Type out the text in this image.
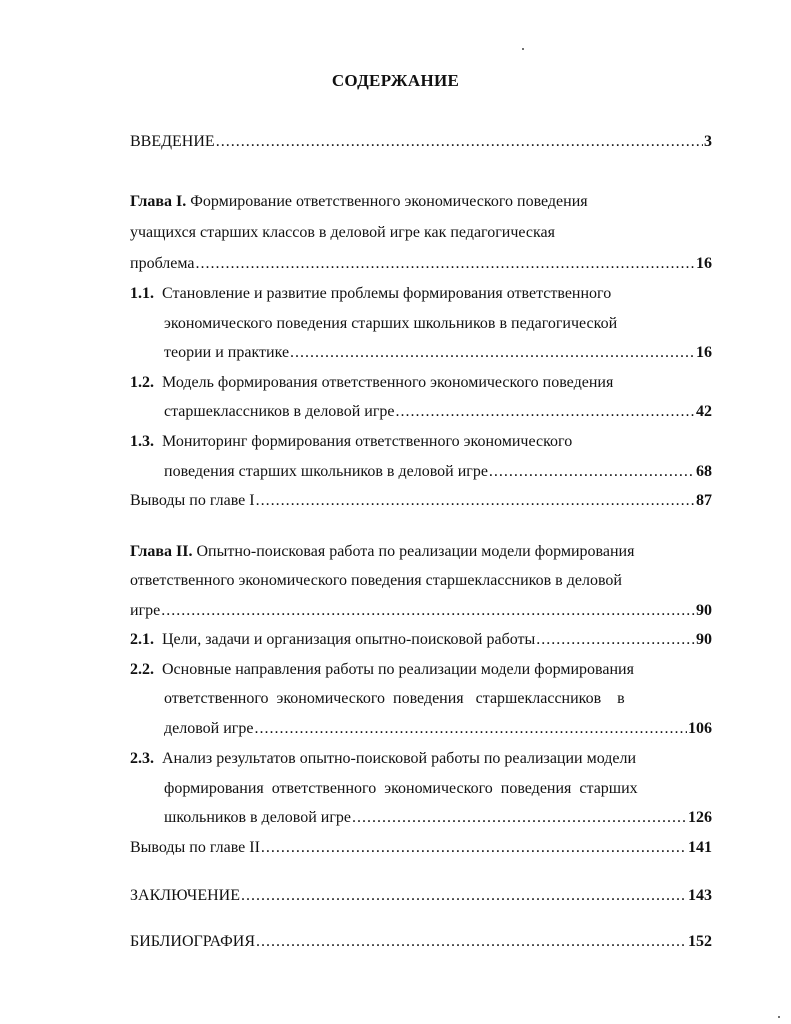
СОДЕРЖАНИЕ
ВВЕДЕНИЕ .....	3
Глава I.
Формирование ответственного экономического поведения
учащихся старших классов в деловой игре как педагогическая
проблема .....	16
1.1. Становление и развитие проблемы формирования ответственного
экономического поведения старших школьников в педагогической
теории и практике .....	16
1.2. Модель формирования ответственного экономического поведения
старшеклассников в деловой игре .....	42
1.3. Мониторинг формирования ответственного экономического
поведения старших школьников в деловой игре .....	68
Выводы по главе I .....	87
Глава II.
Опытно-поисковая работа по реализации модели формирования
ответственного экономического поведения старшеклассников в деловой
игре .....	90
2.1. Цели, задачи и организация опытно-поисковой работы .....	90
2.2. Основные направления работы по реализации модели формирования
ответственного  экономического  поведения   старшеклассников    в
деловой игре .....	106
2.3. Анализ результатов опытно-поисковой работы по реализации модели
формирования  ответственного  экономического  поведения  старших
школьников в деловой игре .....	126
Выводы по главе II .....	141
ЗАКЛЮЧЕНИЕ .....	143
БИБЛИОГРАФИЯ .....	152
